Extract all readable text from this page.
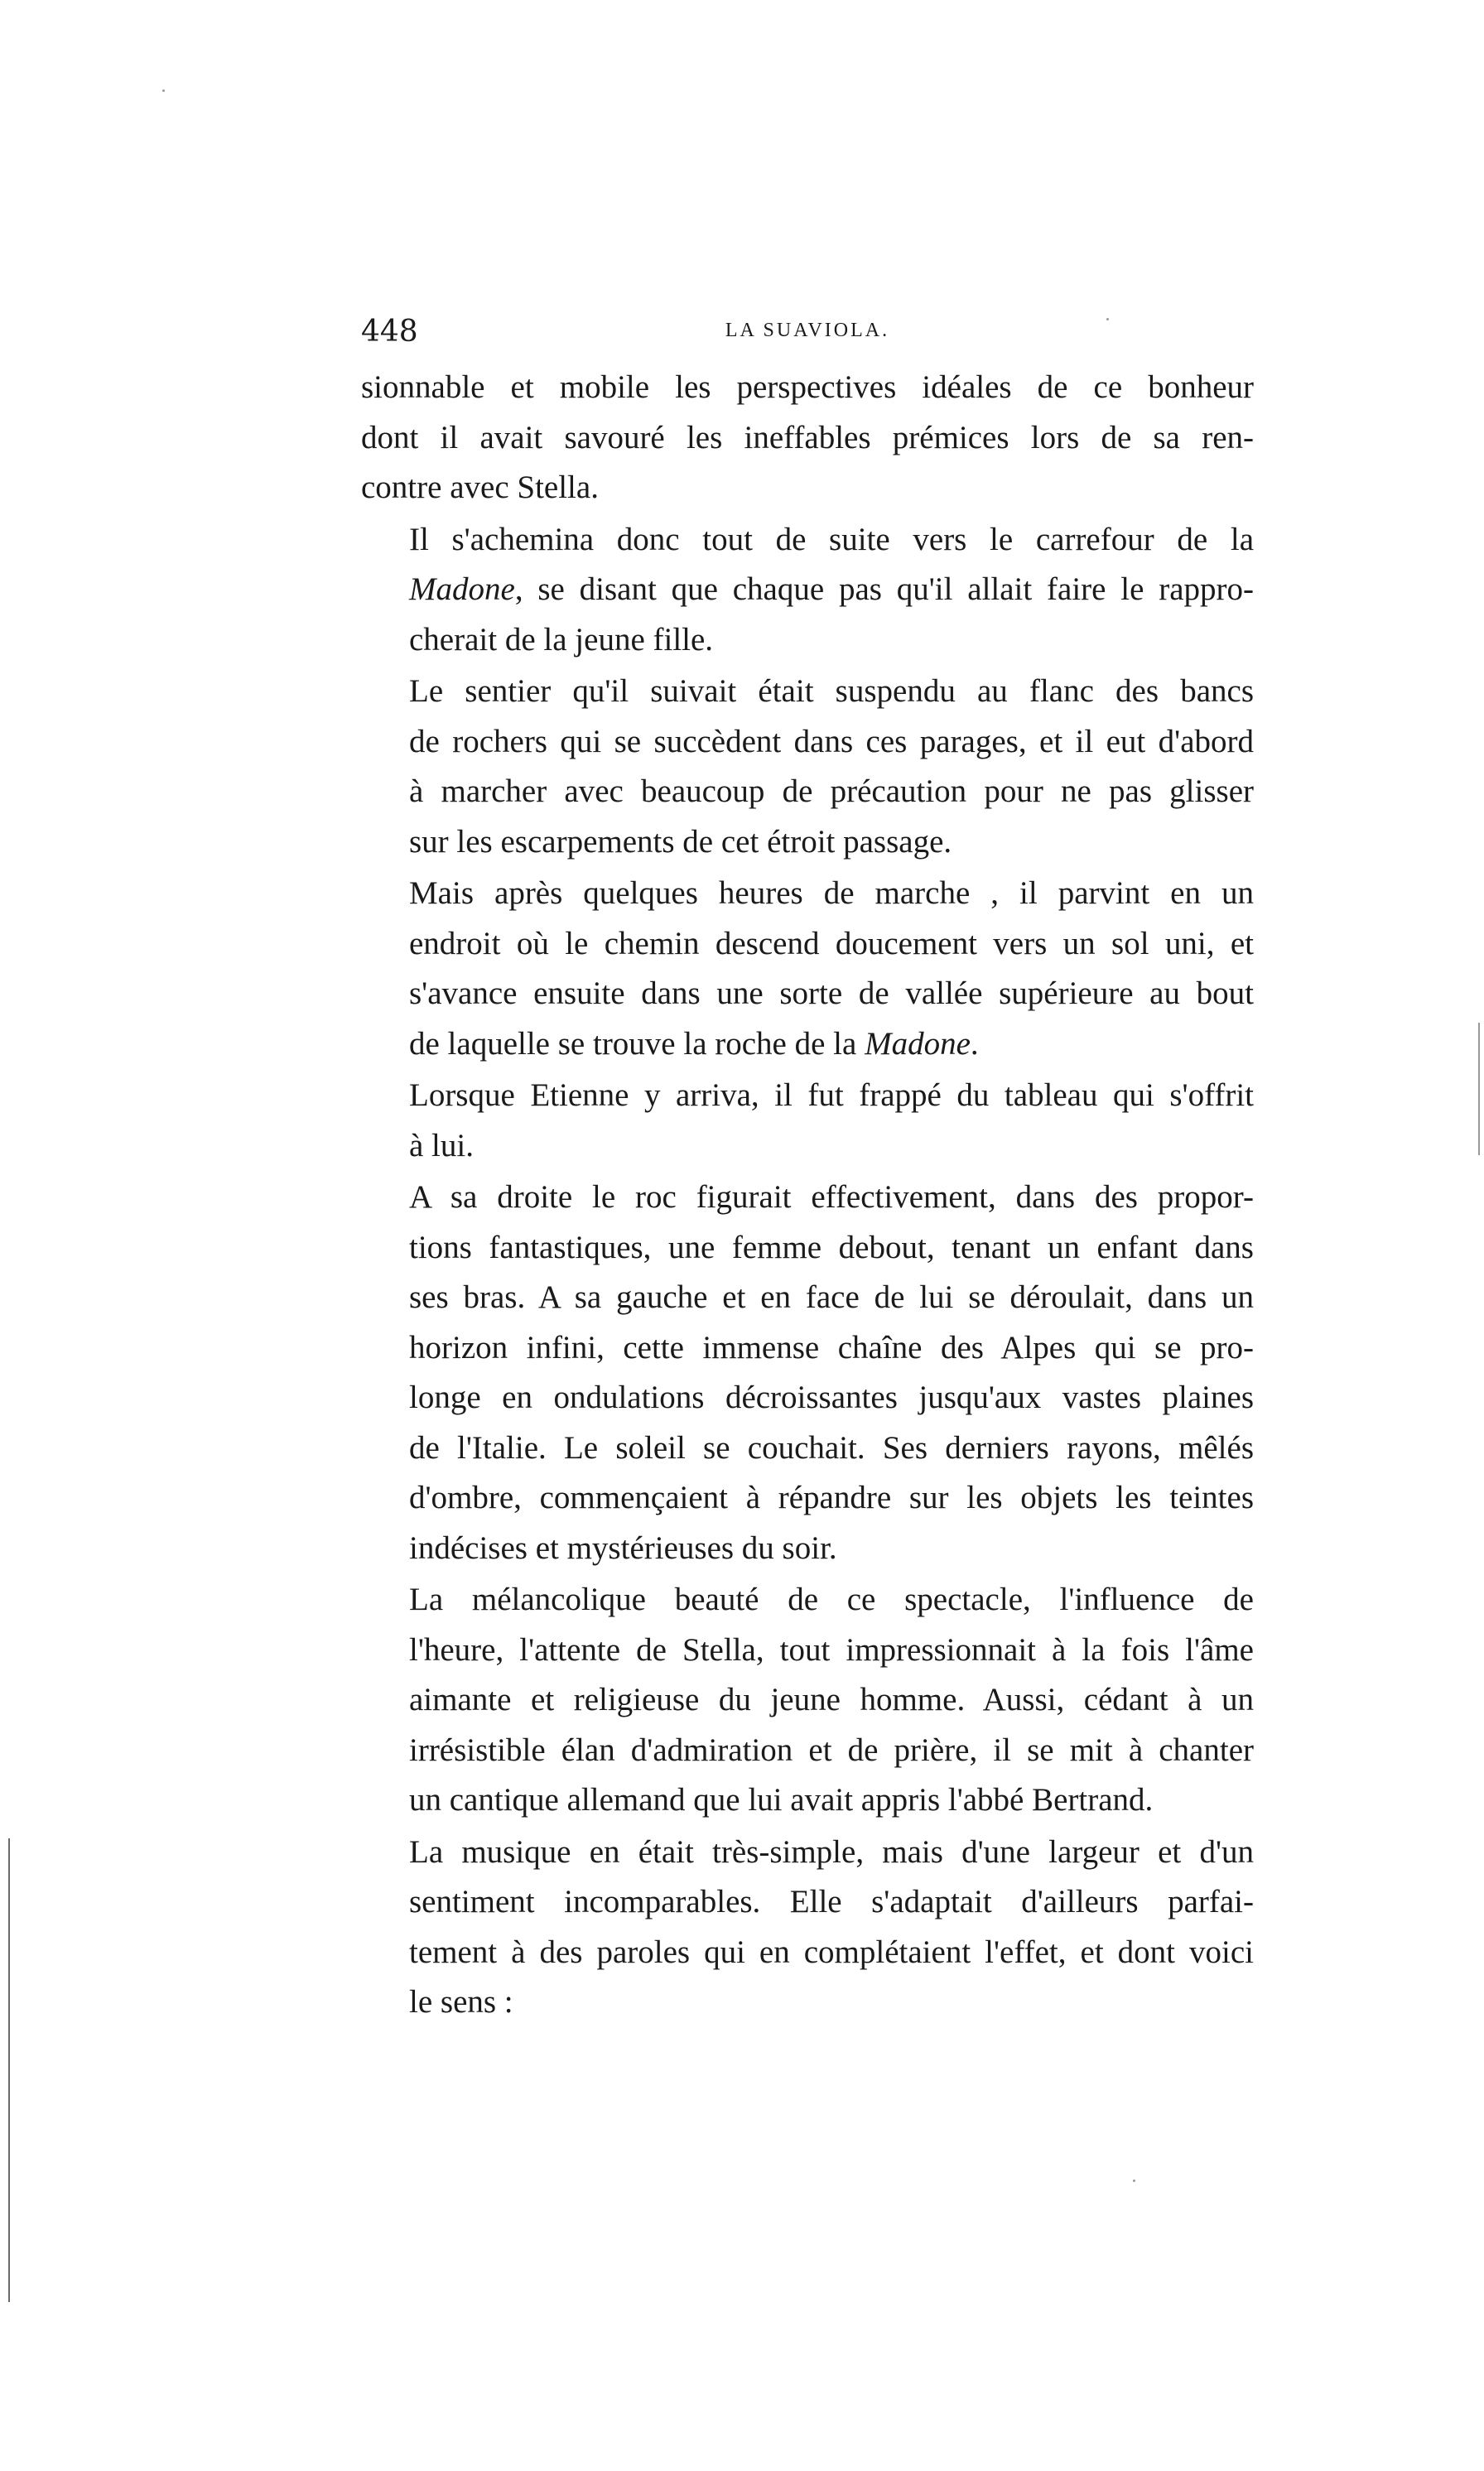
448	LA SUAVIOLA.
sionnable et mobile les perspectives idéales de ce bonheur
dont il avait savouré les ineffables prémices lors de sa ren-
contre avec Stella.
Il s'achemina donc tout de suite vers le carrefour de la
Madone, se disant que chaque pas qu'il allait faire le rappro-
cherait de la jeune fille.
Le sentier qu'il suivait était suspendu au flanc des bancs
de rochers qui se succèdent dans ces parages, et il eut d'abord
à marcher avec beaucoup de précaution pour ne pas glisser
sur les escarpements de cet étroit passage.
Mais après quelques heures de marche , il parvint en un
endroit où le chemin descend doucement vers un sol uni, et
s'avance ensuite dans une sorte de vallée supérieure au bout
de laquelle se trouve la roche de la Madone.
Lorsque Etienne y arriva, il fut frappé du tableau qui s'offrit
à lui.
A sa droite le roc figurait effectivement, dans des propor-
tions fantastiques, une femme debout, tenant un enfant dans
ses bras. A sa gauche et en face de lui se déroulait, dans un
horizon infini, cette immense chaîne des Alpes qui se pro-
longe en ondulations décroissantes jusqu'aux vastes plaines
de l'Italie. Le soleil se couchait. Ses derniers rayons, mêlés
d'ombre, commençaient à répandre sur les objets les teintes
indécises et mystérieuses du soir.
La mélancolique beauté de ce spectacle, l'influence de
l'heure, l'attente de Stella, tout impressionnait à la fois l'âme
aimante et religieuse du jeune homme. Aussi, cédant à un
irrésistible élan d'admiration et de prière, il se mit à chanter
un cantique allemand que lui avait appris l'abbé Bertrand.
La musique en était très-simple, mais d'une largeur et d'un
sentiment incomparables. Elle s'adaptait d'ailleurs parfai-
tement à des paroles qui en complétaient l'effet, et dont voici
le sens :
